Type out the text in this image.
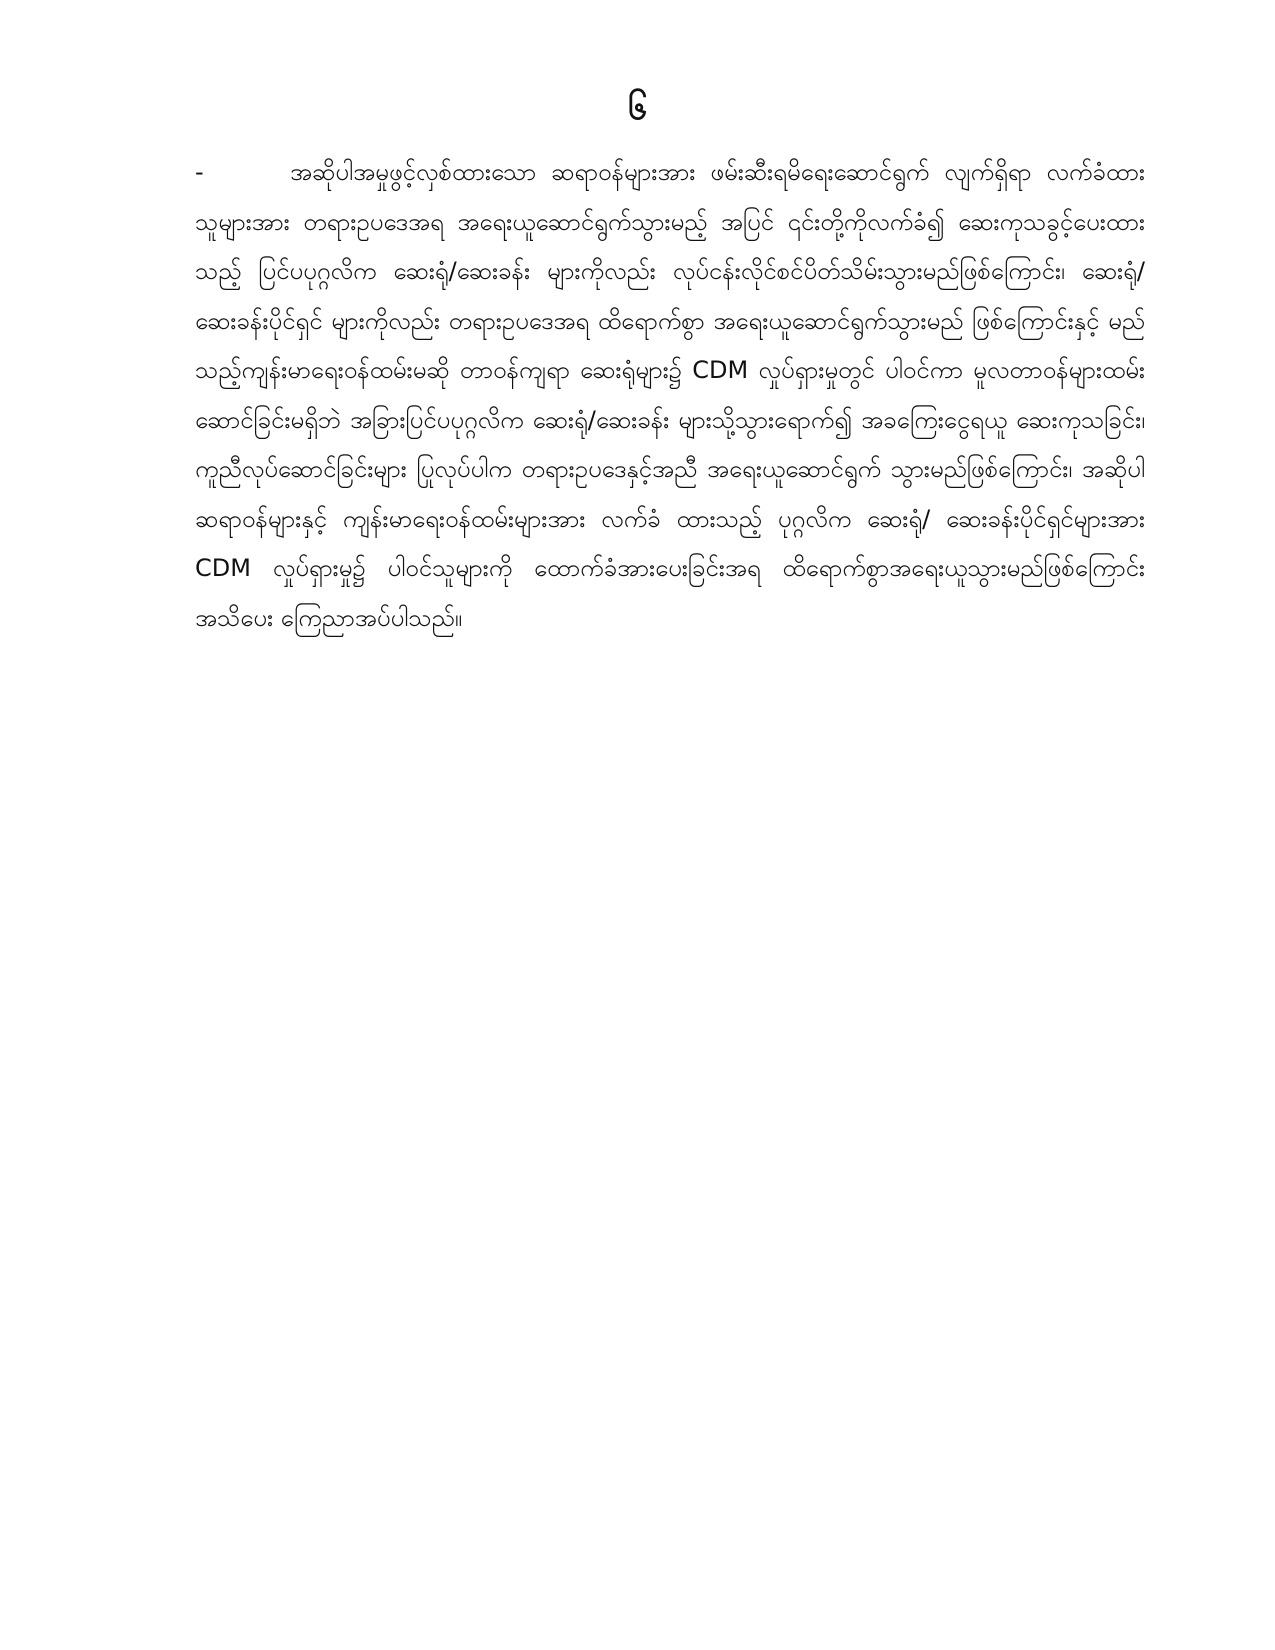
၆

-	အဆိုပါအမှုဖွင့်လှစ်ထားသော ဆရာဝန်များအား ဖမ်းဆီးရမိရေးဆောင်ရွက် လျက်ရှိရာ လက်ခံထားသူများအား တရားဥပဒေအရ အရေးယူဆောင်ရွက်သွားမည့် အပြင် ၎င်းတို့ကိုလက်ခံ၍ ဆေးကုသခွင့်ပေးထားသည့် ပြင်ပပုဂ္ဂလိက ဆေးရုံ/ဆေးခန်း များကိုလည်း လုပ်ငန်းလိုင်စင်ပိတ်သိမ်းသွားမည်ဖြစ်ကြောင်း၊ ဆေးရုံ/ဆေးခန်းပိုင်ရှင် များကိုလည်း တရားဥပဒေအရ ထိရောက်စွာ အရေးယူဆောင်ရွက်သွားမည် ဖြစ်ကြောင်းနှင့် မည်သည့်ကျန်းမာရေးဝန်ထမ်းမဆို တာဝန်ကျရာ ဆေးရုံများ၌ CDM လှုပ်ရှားမှုတွင် ပါဝင်ကာ မူလတာဝန်များထမ်းဆောင်ခြင်းမရှိဘဲ အခြားပြင်ပပုဂ္ဂလိက ဆေးရုံ/ဆေးခန်း များသို့သွားရောက်၍ အခကြေးငွေရယူ ဆေးကုသခြင်း၊ ကူညီလုပ်ဆောင်ခြင်းများ ပြုလုပ်ပါက တရားဥပဒေနှင့်အညီ အရေးယူဆောင်ရွက် သွားမည်ဖြစ်ကြောင်း၊ အဆိုပါ ဆရာဝန်များနှင့် ကျန်းမာရေးဝန်ထမ်းများအား လက်ခံ ထားသည့် ပုဂ္ဂလိက ဆေးရုံ/ ဆေးခန်းပိုင်ရှင်များအား CDM လှုပ်ရှားမှု၌ ပါဝင်သူများကို ထောက်ခံအားပေးခြင်းအရ ထိရောက်စွာအရေးယူသွားမည်ဖြစ်ကြောင်း အသိပေး ကြေညာအပ်ပါသည်။
